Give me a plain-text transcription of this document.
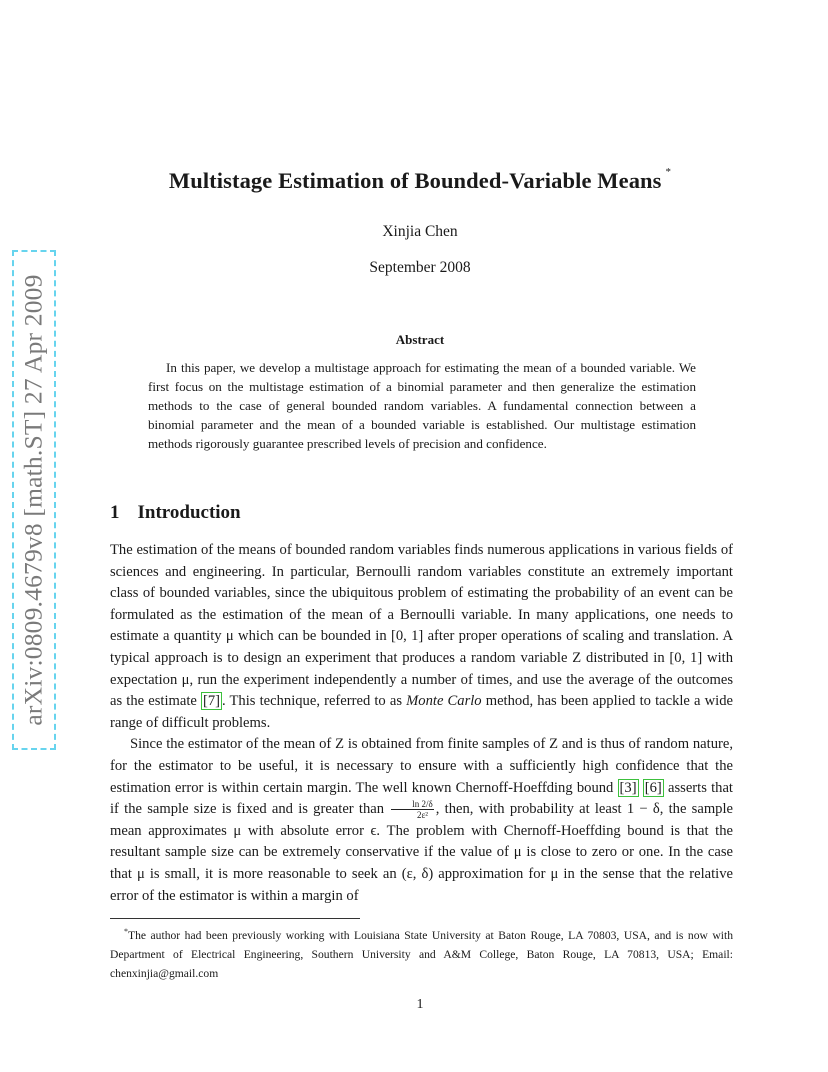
arXiv:0809.4679v8 [math.ST] 27 Apr 2009
Multistage Estimation of Bounded-Variable Means *
Xinjia Chen
September 2008
Abstract
In this paper, we develop a multistage approach for estimating the mean of a bounded variable. We first focus on the multistage estimation of a binomial parameter and then generalize the estimation methods to the case of general bounded random variables. A fundamental connection between a binomial parameter and the mean of a bounded variable is established. Our multistage estimation methods rigorously guarantee prescribed levels of precision and confidence.
1 Introduction

The estimation of the means of bounded random variables finds numerous applications in various fields of sciences and engineering. In particular, Bernoulli random variables constitute an extremely important class of bounded variables, since the ubiquitous problem of estimating the probability of an event can be formulated as the estimation of the mean of a Bernoulli variable. In many applications, one needs to estimate a quantity μ which can be bounded in [0, 1] after proper operations of scaling and translation. A typical approach is to design an experiment that produces a random variable Z distributed in [0, 1] with expectation μ, run the experiment independently a number of times, and use the average of the outcomes as the estimate [7] . This technique, referred to as Monte Carlo method, has been applied to tackle a wide range of difficult problems.

Since the estimator of the mean of Z is obtained from finite samples of Z and is thus of random nature, for the estimator to be useful, it is necessary to ensure with a sufficiently high confidence that the estimation error is within certain margin. The well known Chernoff-Hoeffding bound [3] [6] asserts that if the sample size is fixed and is greater than $\frac{\ln 2/\delta}{\text{2ε²}}$ , then, with probability at least 1 − δ, the sample mean approximates μ with absolute error ϵ. The problem with Chernoff-Hoeffding bound is that the resultant sample size can be extremely conservative if the value of μ is close to zero or one. In the case that μ is small, it is more reasonable to seek an (ε, δ) approximation for μ in the sense that the relative error of the estimator is within a margin of

*The author had been previously working with Louisiana State University at Baton Rouge, LA 70803, USA, and is now with Department of Electrical Engineering, Southern University and A&M College, Baton Rouge, LA 70813, USA; Email: chenxinjia@gmail.com
1
